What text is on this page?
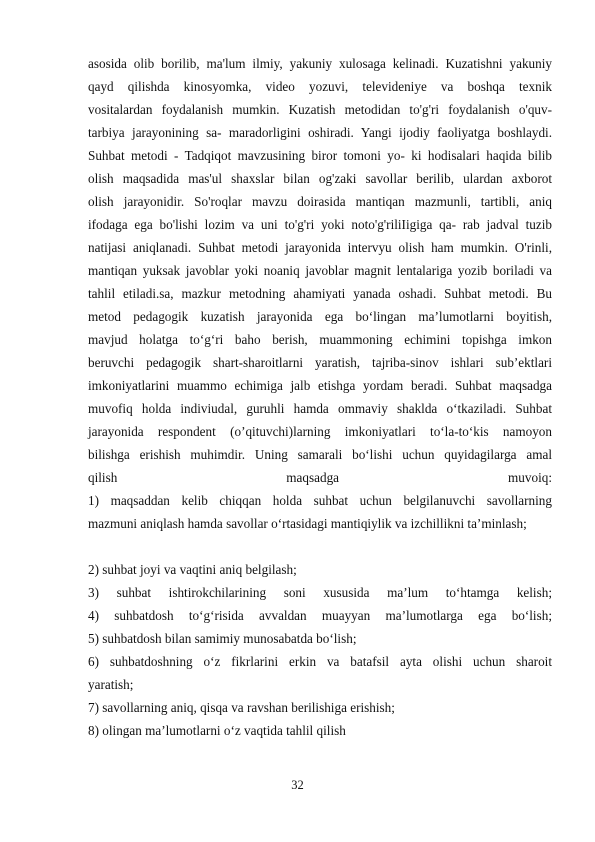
asosida olib borilib, ma'lum ilmiy, yakuniy xulosaga kelinadi. Kuzatishni yakuniy
qayd qilishda kinosyomka, video yozuvi, televideniye va boshqa texnik
vositalardan foydalanish mumkin. Kuzatish metodidan to'g'ri foydalanish o'quv-
tarbiya jarayonining sa- maradorligini oshiradi. Yangi ijodiy faoliyatga boshlaydi.
Suhbat metodi - Tadqiqot mavzusining biror tomoni yo- ki hodisalari haqida bilib
olish maqsadida mas'ul shaxslar bilan og'zaki savollar berilib, ulardan axborot
olish jarayonidir. So'roqlar mavzu doirasida mantiqan mazmunli, tartibli, aniq
ifodaga ega bo'lishi lozim va uni to'g'ri yoki noto'g'riliIigiga qa- rab jadval tuzib
natijasi aniqlanadi. Suhbat metodi jarayonida intervyu olish ham mumkin. O'rinli,
mantiqan yuksak javoblar yoki noaniq javoblar magnit lentalariga yozib boriladi va
tahlil etiladi.sa, mazkur metodning ahamiyati yanada oshadi. Suhbat metodi. Bu
metod pedagogik kuzatish jarayonida ega bo‘lingan ma’lumotlarni boyitish,
mavjud holatga to‘g‘ri baho berish, muammoning echimini topishga imkon
beruvchi pedagogik shart-sharoitlarni yaratish, tajriba-sinov ishlari sub’ektlari
imkoniyatlarini muammo echimiga jalb etishga yordam beradi. Suhbat maqsadga
muvofiq holda indiviudal, guruhli hamda ommaviy shaklda o‘tkaziladi. Suhbat
jarayonida respondent (o’qituvchi)larning imkoniyatlari to‘la-to‘kis namoyon
bilishga erishish muhimdir. Uning samarali bo‘lishi uchun quyidagilarga amal
qilish maqsadga muvoiq:

1) maqsaddan kelib chiqqan holda suhbat uchun belgilanuvchi savollarning
mazmuni aniqlash hamda savollar o‘rtasidagi mantiqiylik va izchillikni ta’minlash;
2) suhbat joyi va vaqtini aniq belgilash;
3) suhbat ishtirokchilarining soni xususida ma’lum to‘htamga kelish;
4) suhbatdosh to‘g‘risida avvaldan muayyan ma’lumotlarga ega bo‘lish;
5) suhbatdosh bilan samimiy munosabatda bo‘lish;
6) suhbatdoshning o‘z fikrlarini erkin va batafsil ayta olishi uchun sharoit
yaratish;
7) savollarning aniq, qisqa va ravshan berilishiga erishish;
8) olingan ma’lumotlarni o‘z vaqtida tahlil qilish
32
